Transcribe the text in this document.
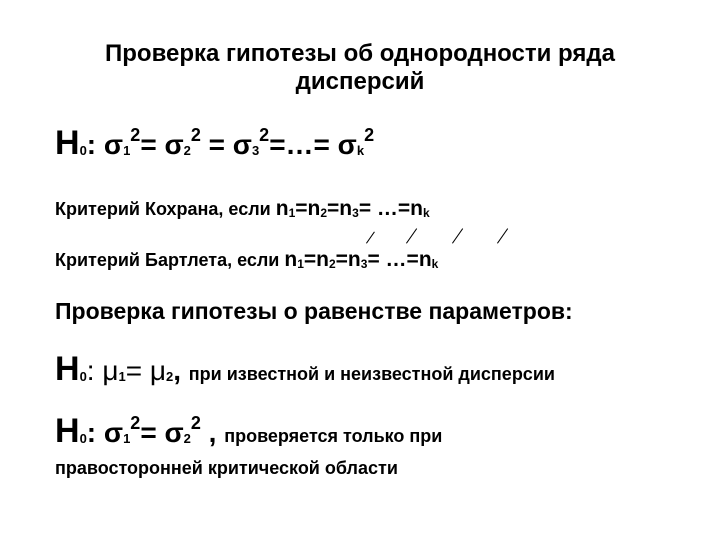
Проверка гипотезы об однородности ряда
дисперсий
$H_0$: $\sigma_1^2= \sigma_2^2$ = $\sigma_3^2=\dots= \sigma_k^2$
Критерий Кохрана, если $n_1=n_2=n_3=$ $\dots=n_k$
Критерий Бартлета, если $n_1=n_2=n_3=$ $\dots=n_k$
Проверка гипотезы о равенстве параметров:
$H_0$: $\mu_1= \mu_2$, при известной и неизвестной дисперсии
$H_0$: $\sigma_1^2= \sigma_2^2$ , проверяется только при
правосторонней критической области
